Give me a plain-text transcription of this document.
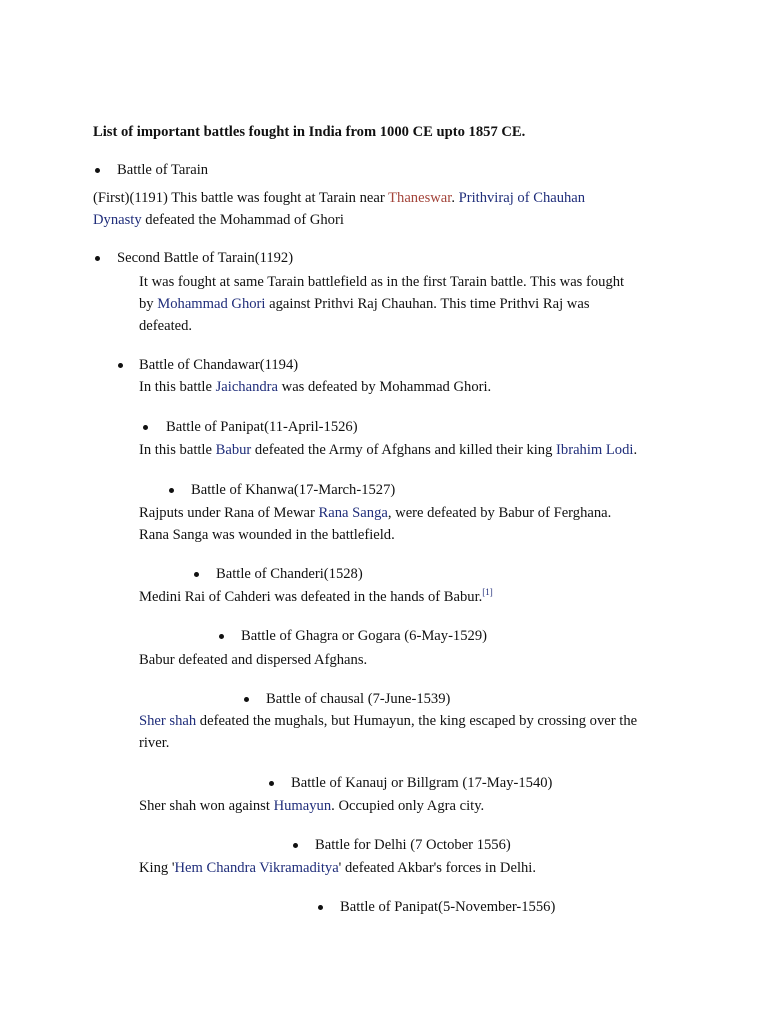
List of important battles fought in India from 1000 CE upto 1857 CE.
Battle of Tarain
(First)(1191) This battle was fought at Tarain near Thaneswar. Prithviraj of Chauhan
Dynasty defeated the Mohammad of Ghori
Second Battle of Tarain(1192)
It was fought at same Tarain battlefield as in the first Tarain battle. This was fought
by Mohammad Ghori against Prithvi Raj Chauhan. This time Prithvi Raj was
defeated.
Battle of Chandawar(1194)
In this battle Jaichandra was defeated by Mohammad Ghori.
Battle of Panipat(11-April-1526)
In this battle Babur defeated the Army of Afghans and killed their king Ibrahim Lodi.
Battle of Khanwa(17-March-1527)
Rajputs under Rana of Mewar Rana Sanga, were defeated by Babur of Ferghana.
Rana Sanga was wounded in the battlefield.
Battle of Chanderi(1528)
Medini Rai of Cahderi was defeated in the hands of Babur.[1]
Battle of Ghagra or Gogara (6-May-1529)
Babur defeated and dispersed Afghans.
Battle of chausal (7-June-1539)
Sher shah defeated the mughals, but Humayun, the king escaped by crossing over the
river.
Battle of Kanauj or Billgram (17-May-1540)
Sher shah won against Humayun. Occupied only Agra city.
Battle for Delhi (7 October 1556)
King 'Hem Chandra Vikramaditya' defeated Akbar's forces in Delhi.
Battle of Panipat(5-November-1556)
